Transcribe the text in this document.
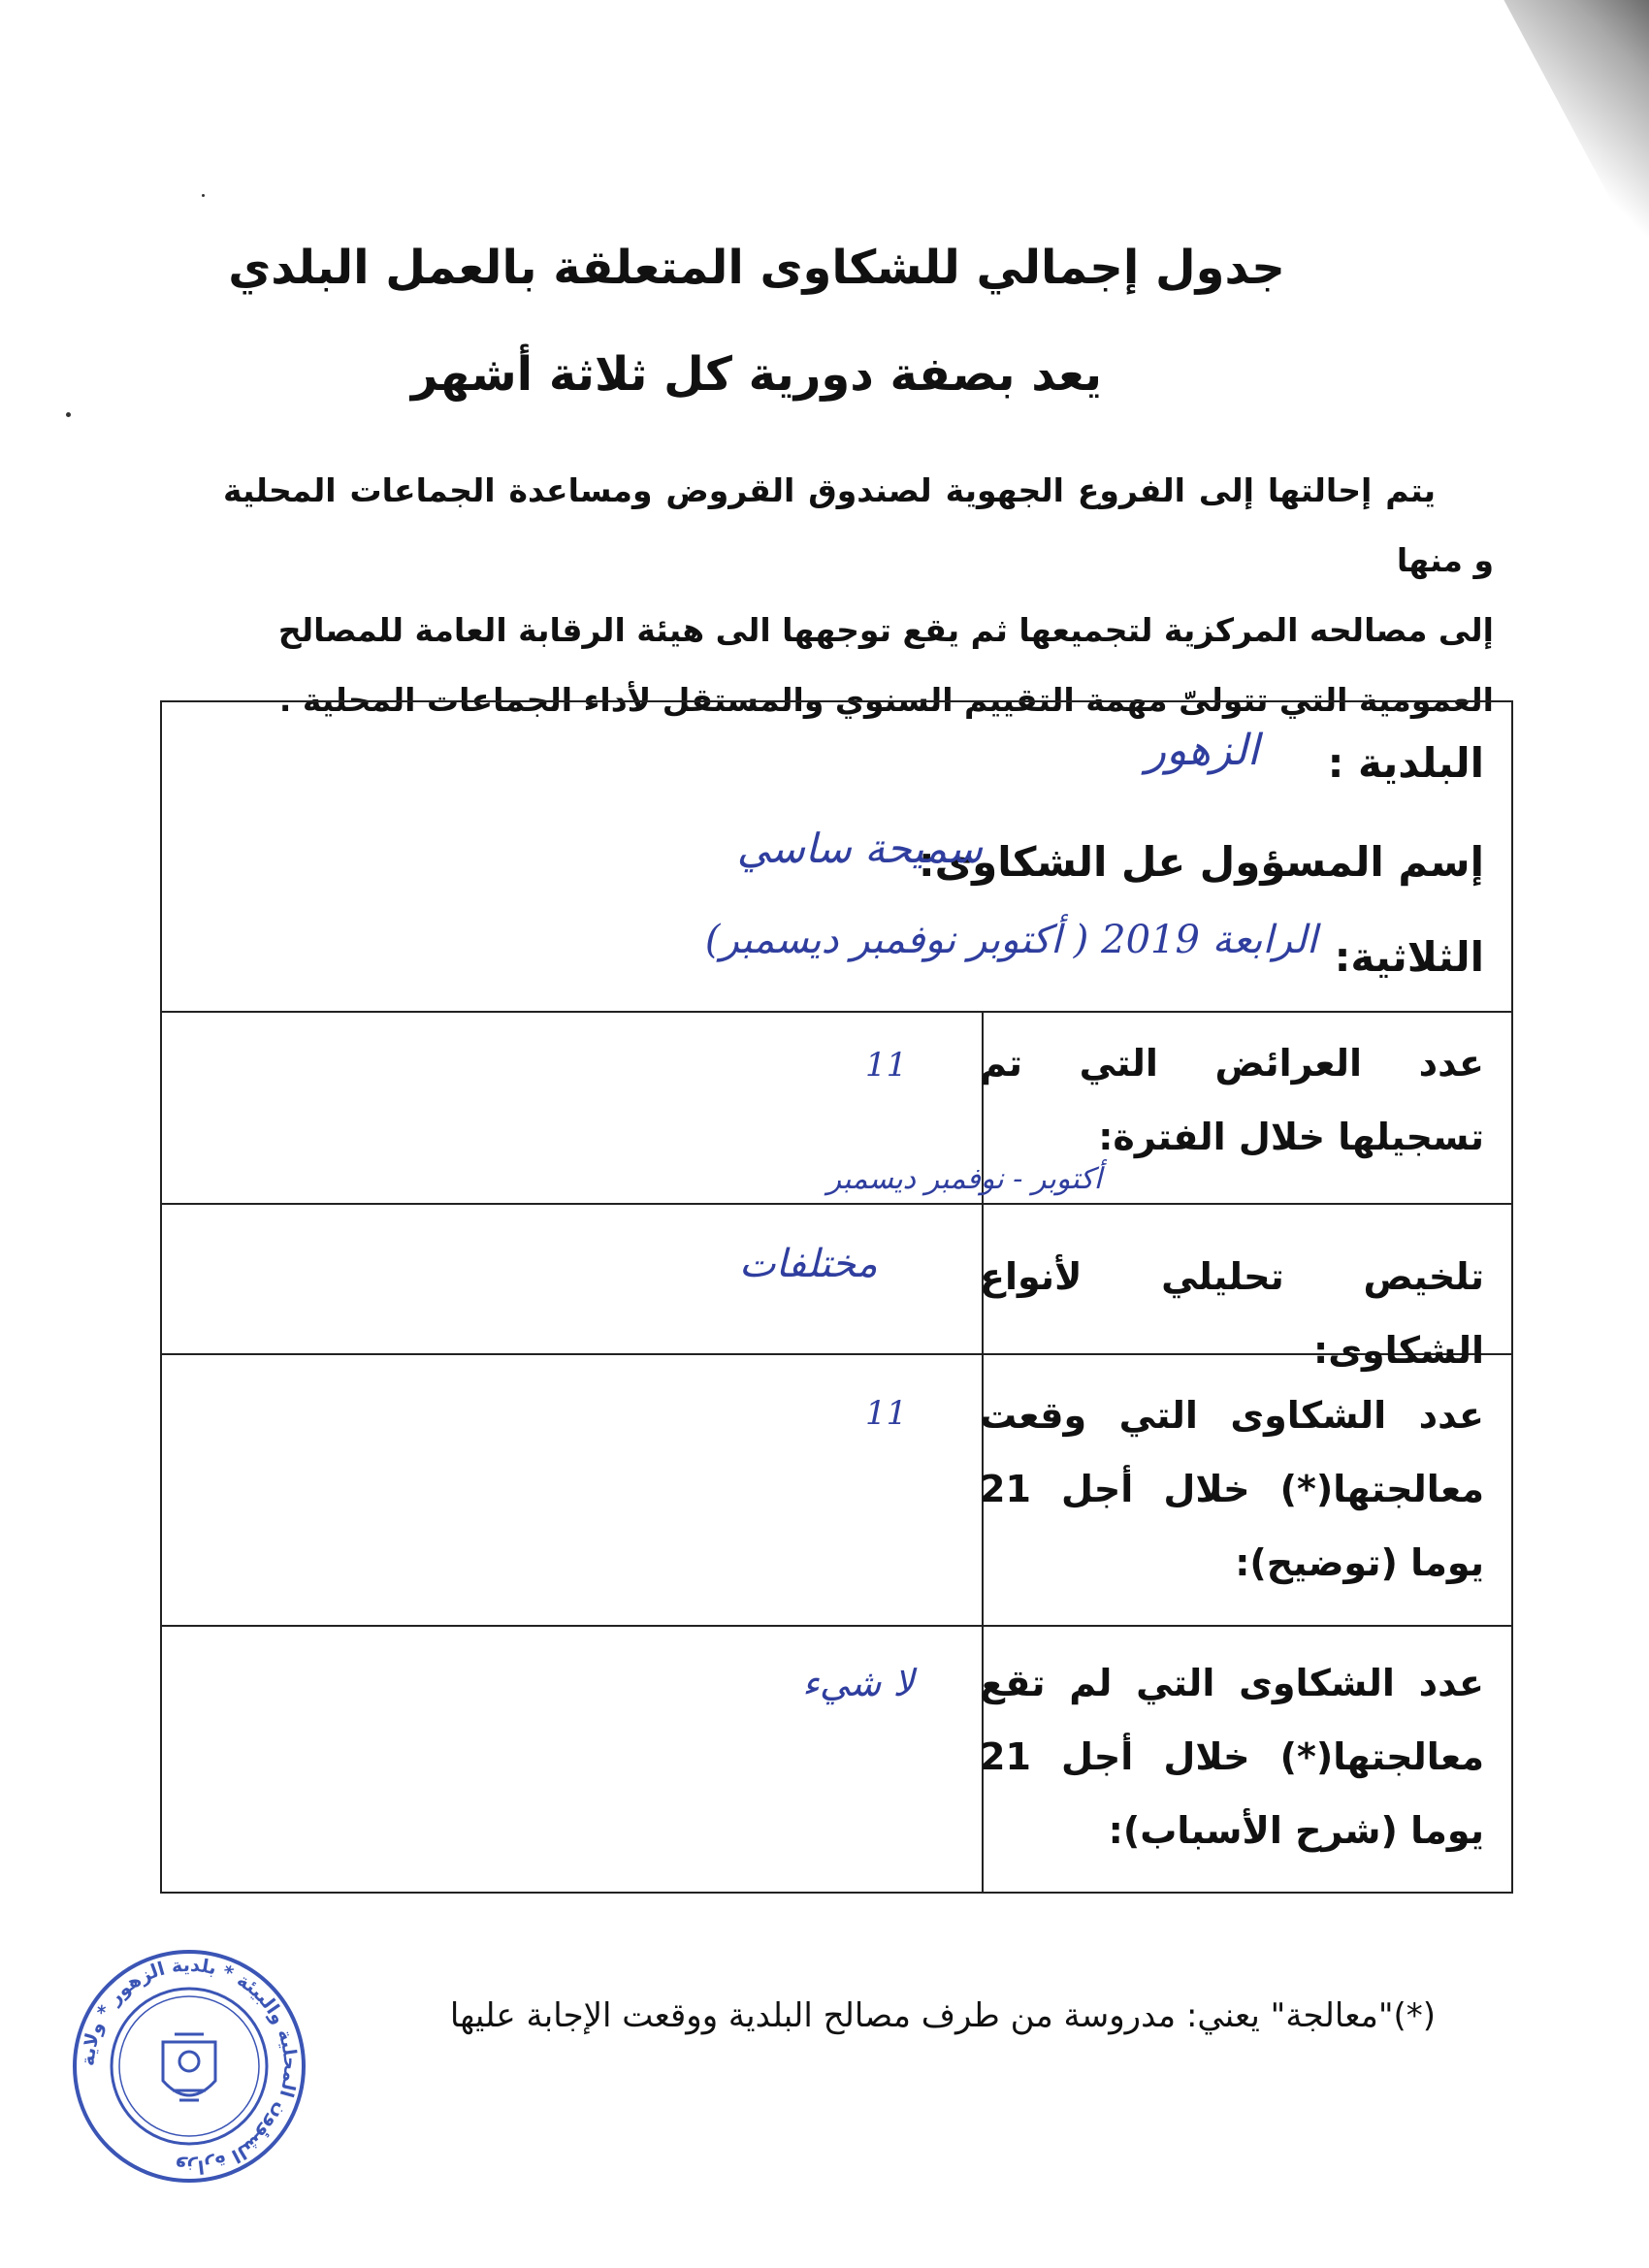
جدول إجمالي للشكاوى المتعلقة بالعمل البلدي
يعد بصفة دورية كل ثلاثة أشهر

يتم إحالتها إلى الفروع الجهوية لصندوق القروض ومساعدة الجماعات المحلية و منها

إلى مصالحه المركزية لتجميعها ثم يقع توجهها الى هيئة الرقابة العامة للمصالح

العمومية التي تتولىّ مهمة التقييم السنوي والمستقل لأداء الجماعات المحلية .

البلدية :
الزهور
إسم المسؤول عل الشكاوى:
سميحة ساسي
الثلاثية:
الرابعة 2019 ( أكتوبر نوفمبر ديسمبر)
عدد العرائض التي تم تسجيلها خلال الفترة:
11
أكتوبر - نوفمبر ديسمبر
تلخيص تحليلي لأنواع الشكاوى:
مختلفات
عدد الشكاوى التي وقعت معالجتها(*) خلال أجل 21 يوما (توضيح):
11
عدد الشكاوى التي لم تقع معالجتها(*) خلال أجل 21 يوما (شرح الأسباب):
لا شيء
(*)"معالجة" يعني: مدروسة من طرف مصالح البلدية ووقعت الإجابة عليها
وزارة الشؤون المحلية والبيئة * بلدية الزهور * ولاية
